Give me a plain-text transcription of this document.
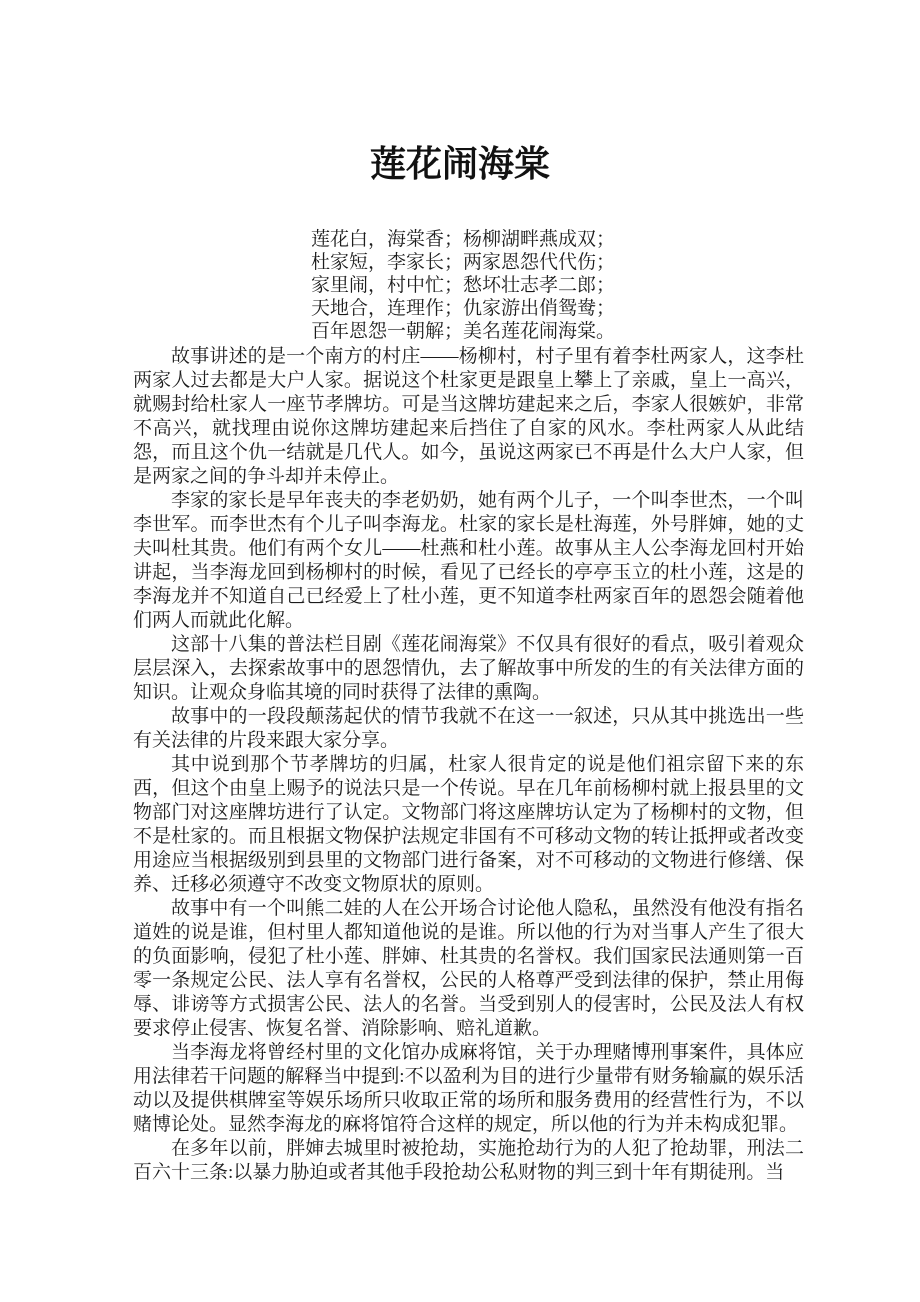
莲花闹海棠
莲花白，海棠香；杨柳湖畔燕成双；
杜家短，李家长；两家恩怨代代伤；
家里闹，村中忙；愁坏壮志孝二郎；
天地合，连理作；仇家游出俏鸳鸯；
百年恩怨一朝解；美名莲花闹海棠。

故事讲述的是一个南方的村庄——杨柳村，村子里有着李杜两家人，这李杜两家人过去都是大户人家。据说这个杜家更是跟皇上攀上了亲戚，皇上一高兴，就赐封给杜家人一座节孝牌坊。可是当这牌坊建起来之后，李家人很嫉妒，非常不高兴，就找理由说你这牌坊建起来后挡住了自家的风水。李杜两家人从此结怨，而且这个仇一结就是几代人。如今，虽说这两家已不再是什么大户人家，但是两家之间的争斗却并未停止。

李家的家长是早年丧夫的李老奶奶，她有两个儿子，一个叫李世杰，一个叫李世军。而李世杰有个儿子叫李海龙。杜家的家长是杜海莲，外号胖婶，她的丈夫叫杜其贵。他们有两个女儿——杜燕和杜小莲。故事从主人公李海龙回村开始讲起，当李海龙回到杨柳村的时候，看见了已经长的亭亭玉立的杜小莲，这是的李海龙并不知道自己已经爱上了杜小莲，更不知道李杜两家百年的恩怨会随着他们两人而就此化解。

这部十八集的普法栏目剧《莲花闹海棠》不仅具有很好的看点，吸引着观众层层深入，去探索故事中的恩怨情仇，去了解故事中所发的生的有关法律方面的知识。让观众身临其境的同时获得了法律的熏陶。

故事中的一段段颠荡起伏的情节我就不在这一一叙述，只从其中挑选出一些有关法律的片段来跟大家分享。

其中说到那个节孝牌坊的归属，杜家人很肯定的说是他们祖宗留下来的东西，但这个由皇上赐予的说法只是一个传说。早在几年前杨柳村就上报县里的文物部门对这座牌坊进行了认定。文物部门将这座牌坊认定为了杨柳村的文物，但不是杜家的。而且根据文物保护法规定非国有不可移动文物的转让抵押或者改变用途应当根据级别到县里的文物部门进行备案，对不可移动的文物进行修缮、保养、迁移必须遵守不改变文物原状的原则。

故事中有一个叫熊二娃的人在公开场合讨论他人隐私，虽然没有他没有指名道姓的说是谁，但村里人都知道他说的是谁。所以他的行为对当事人产生了很大的负面影响，侵犯了杜小莲、胖婶、杜其贵的名誉权。我们国家民法通则第一百零一条规定公民、法人享有名誉权，公民的人格尊严受到法律的保护，禁止用侮辱、诽谤等方式损害公民、法人的名誉。当受到别人的侵害时，公民及法人有权要求停止侵害、恢复名誉、消除影响、赔礼道歉。

当李海龙将曾经村里的文化馆办成麻将馆，关于办理赌博刑事案件，具体应用法律若干问题的解释当中提到:不以盈利为目的进行少量带有财务输赢的娱乐活动以及提供棋牌室等娱乐场所只收取正常的场所和服务费用的经营性行为，不以赌博论处。显然李海龙的麻将馆符合这样的规定，所以他的行为并未构成犯罪。

在多年以前，胖婶去城里时被抢劫，实施抢劫行为的人犯了抢劫罪，刑法二百六十三条:以暴力胁迫或者其他手段抢劫公私财物的判三到十年有期徒刑。当
